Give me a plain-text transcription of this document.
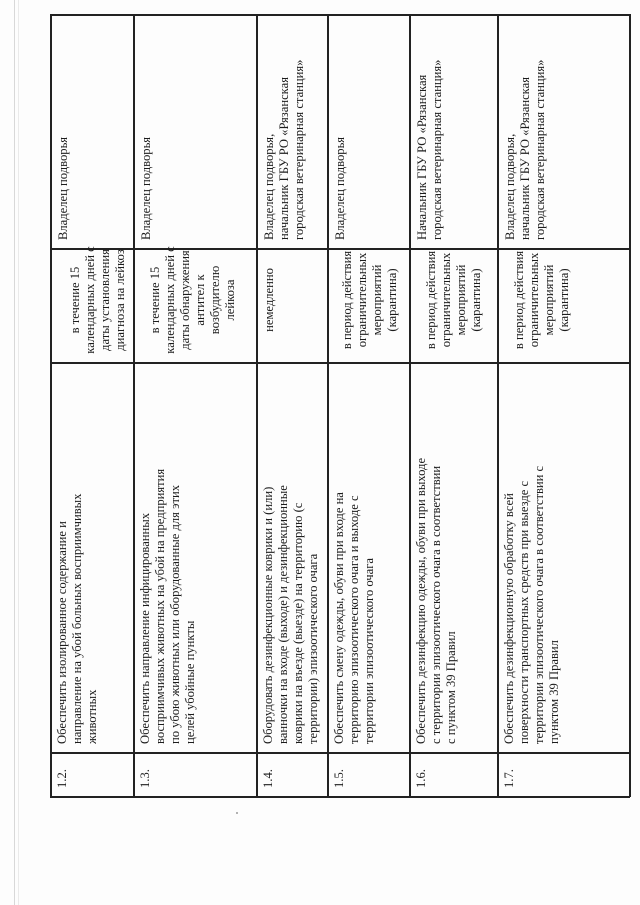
1.2.
Обеспечить изолированное содержание и
направление на убой больных восприимчивых
животных
в течение 15
календарных дней с
даты установления
диагноза на лейкоз
Владелец подворья
1.3.
Обеспечить направление инфицированных
восприимчивых животных на убой на предприятия
по убою животных или оборудованные для этих
целей убойные пункты
в течение 15
календарных дней с
даты обнаружения
антител к
возбудителю
лейкоза
Владелец подворья
1.4.
Оборудовать дезинфекционные коврики и (или)
ванночки на входе (выходе) и дезинфекционные
коврики на въезде (выезде) на территорию (с
территории) эпизоотического очага
немедленно
Владелец подворья,
начальник ГБУ РО «Рязанская
городская ветеринарная станция»
1.5.
Обеспечить смену одежды, обуви при входе на
территорию эпизоотического очага и выходе с
территории эпизоотического очага
в период действия
ограничительных
мероприятий
(карантина)
Владелец подворья
1.6.
Обеспечить дезинфекцию одежды, обуви при выходе
с территории эпизоотического очага в соответствии
с пунктом 39 Правил
в период действия
ограничительных
мероприятий
(карантина)
Начальник ГБУ РО «Рязанская
городская ветеринарная станция»
1.7.
Обеспечить дезинфекционную обработку всей
поверхности транспортных средств при выезде с
территории эпизоотического очага в соответствии с
пунктом 39 Правил
в период действия
ограничительных
мероприятий
(карантина)
Владелец подворья,
начальник ГБУ РО «Рязанская
городская ветеринарная станция»
